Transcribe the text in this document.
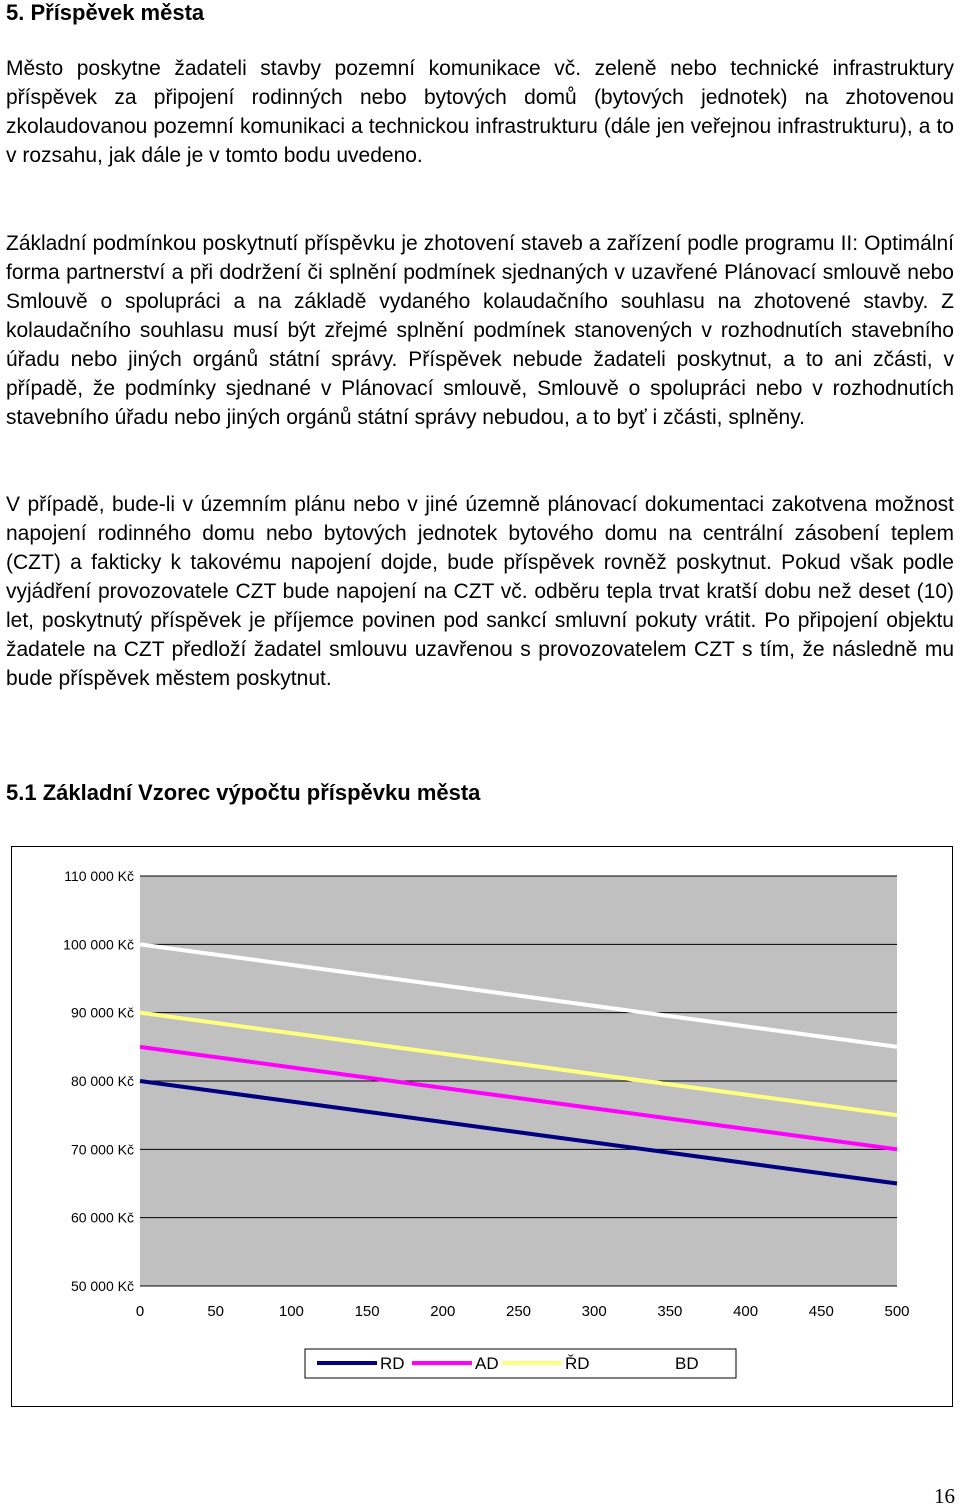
5. Příspěvek města

Město poskytne žadateli stavby pozemní komunikace vč. zeleně nebo technické infrastruktury příspěvek za připojení rodinných nebo bytových domů (bytových jednotek) na zhotovenou zkolaudovanou pozemní komunikaci a technickou infrastrukturu (dále jen veřejnou infrastrukturu), a to v rozsahu, jak dále je v tomto bodu uvedeno.

Základní podmínkou poskytnutí příspěvku je zhotovení staveb a zařízení podle programu II: Optimální forma partnerství a při dodržení či splnění podmínek sjednaných v uzavřené Plánovací smlouvě nebo Smlouvě o spolupráci a na základě vydaného kolaudačního souhlasu na zhotovené stavby. Z kolaudačního souhlasu musí být zřejmé splnění podmínek stanovených v rozhodnutích stavebního úřadu nebo jiných orgánů státní správy. Příspěvek nebude žadateli poskytnut, a to ani zčásti, v případě, že podmínky sjednané v Plánovací smlouvě, Smlouvě o spolupráci nebo v rozhodnutích stavebního úřadu nebo jiných orgánů státní správy nebudou, a to byť i zčásti, splněny.

V případě, bude-li v územním plánu nebo v jiné územně plánovací dokumentaci zakotvena možnost napojení rodinného domu nebo bytových jednotek bytového domu na centrální zásobení teplem (CZT) a fakticky k takovému napojení dojde, bude příspěvek rovněž poskytnut. Pokud však podle vyjádření provozovatele CZT bude napojení na CZT vč. odběru tepla trvat kratší dobu než deset (10) let, poskytnutý příspěvek je příjemce povinen pod sankcí smluvní pokuty vrátit. Po připojení objektu žadatele na CZT předloží žadatel smlouvu uzavřenou s provozovatelem CZT s tím, že následně mu bude příspěvek městem poskytnut.

5.1 Základní Vzorec výpočtu příspěvku města
50 000 Kč
60 000 Kč
70 000 Kč
80 000 Kč
90 000 Kč
100 000 Kč
110 000 Kč
0	50	100	150	200	250	300	350	400	450	500
RD	AD	ŘD	BD
16
